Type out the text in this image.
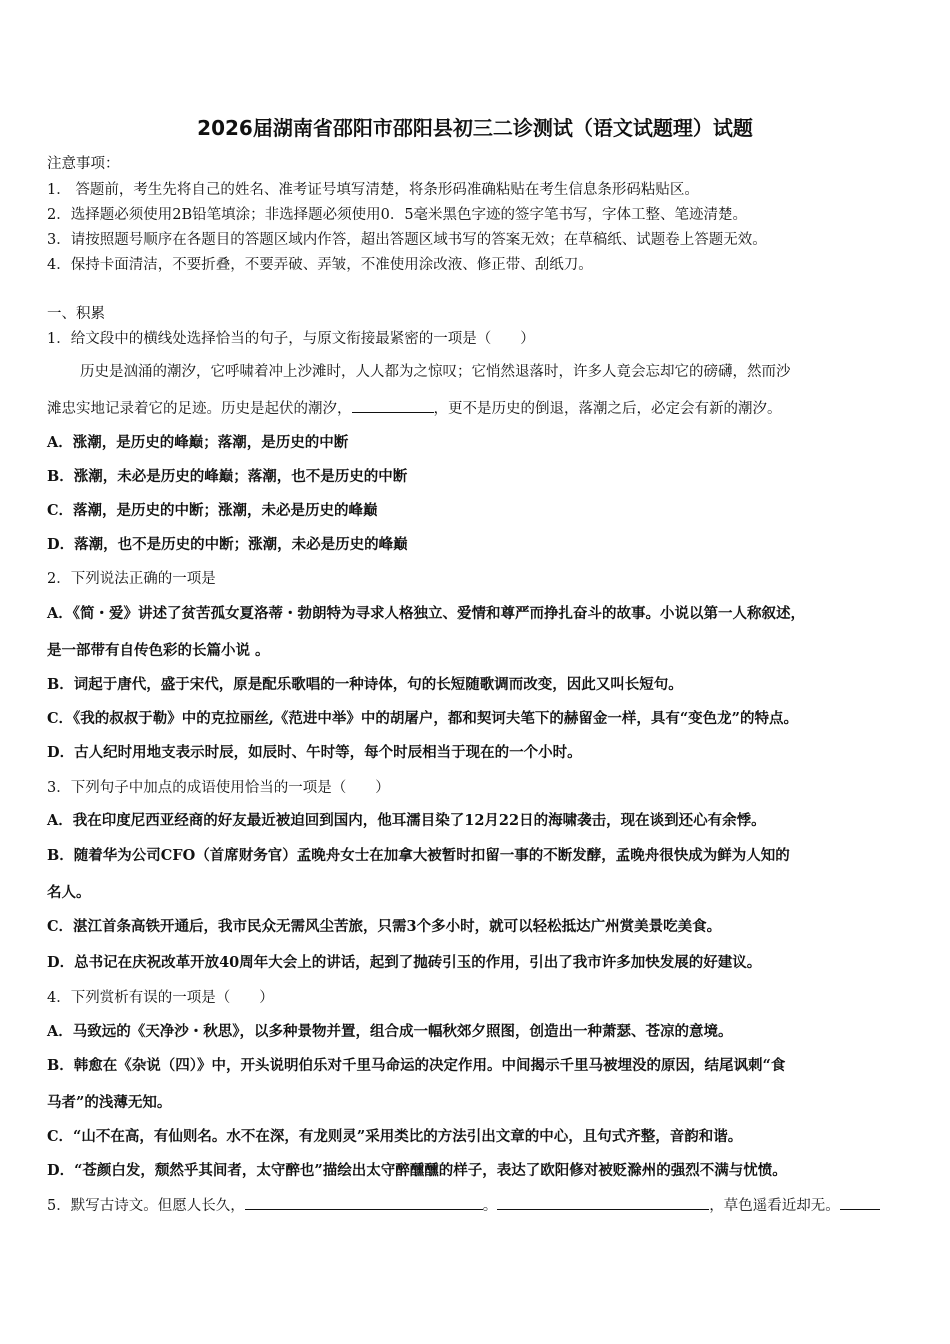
2026届湖南省邵阳市邵阳县初三二诊测试（语文试题理）试题
注意事项：
1． 答题前，考生先将自己的姓名、准考证号填写清楚，将条形码准确粘贴在考生信息条形码粘贴区。
2．选择题必须使用2B铅笔填涂；非选择题必须使用0．5毫米黑色字迹的签字笔书写，字体工整、笔迹清楚。
3．请按照题号顺序在各题目的答题区域内作答，超出答题区域书写的答案无效；在草稿纸、试题卷上答题无效。
4．保持卡面清洁，不要折叠，不要弄破、弄皱，不准使用涂改液、修正带、刮纸刀。
一、积累
1．给文段中的横线处选择恰当的句子，与原文衔接最紧密的一项是（　　）
历史是汹涌的潮汐，它呼啸着冲上沙滩时，人人都为之惊叹；它悄然退落时，许多人竟会忘却它的磅礴，然而沙
滩忠实地记录着它的足迹。历史是起伏的潮汐，	，更不是历史的倒退，落潮之后，必定会有新的潮汐。
A．涨潮，是历史的峰巅；落潮，是历史的中断
B．涨潮，未必是历史的峰巅；落潮，也不是历史的中断
C．落潮，是历史的中断；涨潮，未必是历史的峰巅
D．落潮，也不是历史的中断；涨潮，未必是历史的峰巅
2．下列说法正确的一项是
A．《简・爱》讲述了贫苦孤女夏洛蒂・勃朗特为寻求人格独立、爱情和尊严而挣扎奋斗的故事。小说以第一人称叙述，
是一部带有自传色彩的长篇小说 。
B．词起于唐代，盛于宋代，原是配乐歌唱的一种诗体，句的长短随歌调而改变，因此又叫长短句。
C．《我的叔叔于勒》中的克拉丽丝,《范进中举》中的胡屠户，都和契诃夫笔下的赫留金一样，具有“变色龙”的特点。
D．古人纪时用地支表示时辰，如辰时、午时等，每个时辰相当于现在的一个小时。
3．下列句子中加点的成语使用恰当的一项是（　　）
A．我在印度尼西亚经商的好友最近被迫回到国内，他耳濡目染了12月22日的海啸袭击，现在谈到还心有余悸。
B．随着华为公司CFO（首席财务官）孟晚舟女士在加拿大被暂时扣留一事的不断发酵，孟晚舟很快成为鲜为人知的
名人。
C．湛江首条高铁开通后，我市民众无需风尘苦旅，只需3个多小时，就可以轻松抵达广州赏美景吃美食。
D．总书记在庆祝改革开放40周年大会上的讲话，起到了抛砖引玉的作用，引出了我市许多加快发展的好建议。
4．下列赏析有误的一项是（　　）
A．马致远的《天净沙・秋思》，以多种景物并置，组合成一幅秋郊夕照图，创造出一种萧瑟、苍凉的意境。
B．韩愈在《杂说（四）》中，开头说明伯乐对千里马命运的决定作用。中间揭示千里马被埋没的原因，结尾讽刺“食
马者”的浅薄无知。
C．“山不在高，有仙则名。水不在深，有龙则灵”采用类比的方法引出文章的中心，且句式齐整，音韵和谐。
D．“苍颜白发，颓然乎其间者，太守醉也”描绘出太守醉醺醺的样子，表达了欧阳修对被贬滁州的强烈不满与忧愤。
5．默写古诗文。但愿人长久，	。	，草色遥看近却无。
